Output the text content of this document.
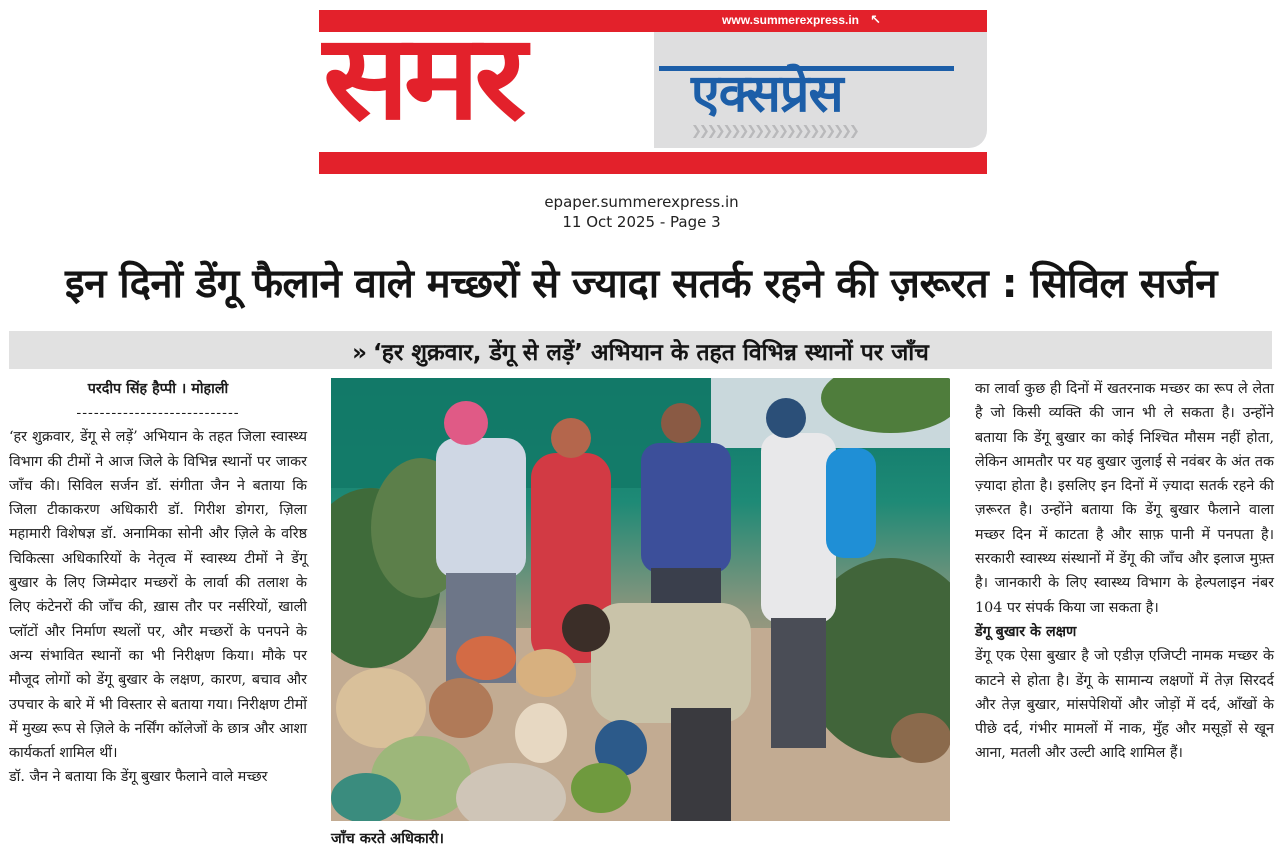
www.summerexpress.in ↖
समर	एक्सप्रेस
❯❯❯❯❯❯❯❯❯❯❯❯❯❯❯❯❯❯❯❯❯
epaper.summerexpress.in
11 Oct 2025 - Page 3
इन दिनों डेंगू फैलाने वाले मच्छरों से ज्यादा सतर्क रहने की ज़रूरत : सिविल सर्जन
» ‘हर शुक्रवार, डेंगू से लड़ें’ अभियान के तहत विभिन्न स्थानों पर जाँच

परदीप सिंह हैप्पी । मोहाली

----------------------------

‘हर शुक्रवार, डेंगू से लड़ें’ अभियान के तहत जिला स्वास्थ्य विभाग की टीमों ने आज जिले के विभिन्न स्थानों पर जाकर जाँच की। सिविल सर्जन डॉ. संगीता जैन ने बताया कि जिला टीकाकरण अधिकारी डॉ. गिरीश डोगरा, ज़िला महामारी विशेषज्ञ डॉ. अनामिका सोनी और ज़िले के वरिष्ठ चिकित्सा अधिकारियों के नेतृत्व में स्वास्थ्य टीमों ने डेंगू बुखार के लिए जिम्मेदार मच्छरों के लार्वा की तलाश के लिए कंटेनरों की जाँच की, ख़ास तौर पर नर्सरियों, खाली प्लॉटों और निर्माण स्थलों पर, और मच्छरों के पनपने के अन्य संभावित स्थानों का भी निरीक्षण किया। मौके पर मौजूद लोगों को डेंगू बुखार के लक्षण, कारण, बचाव और उपचार के बारे में भी विस्तार से बताया गया। निरीक्षण टीमों में मुख्य रूप से ज़िले के नर्सिंग कॉलेजों के छात्र और आशा कार्यकर्ता शामिल थीं।

डॉ. जैन ने बताया कि डेंगू बुखार फैलाने वाले मच्छर

जाँच करते अधिकारी।

का लार्वा कुछ ही दिनों में खतरनाक मच्छर का रूप ले लेता है जो किसी व्यक्ति की जान भी ले सकता है। उन्होंने बताया कि डेंगू बुखार का कोई निश्चित मौसम नहीं होता, लेकिन आमतौर पर यह बुखार जुलाई से नवंबर के अंत तक ज़्यादा होता है। इसलिए इन दिनों में ज़्यादा सतर्क रहने की ज़रूरत है। उन्होंने बताया कि डेंगू बुखार फैलाने वाला मच्छर दिन में काटता है और साफ़ पानी में पनपता है। सरकारी स्वास्थ्य संस्थानों में डेंगू की जाँच और इलाज मुफ़्त है। जानकारी के लिए स्वास्थ्य विभाग के हेल्पलाइन नंबर 104 पर संपर्क किया जा सकता है।

डेंगू बुखार के लक्षण

डेंगू एक ऐसा बुखार है जो एडीज़ एजिप्टी नामक मच्छर के काटने से होता है। डेंगू के सामान्य लक्षणों में तेज़ सिरदर्द और तेज़ बुखार, मांसपेशियों और जोड़ों में दर्द, आँखों के पीछे दर्द, गंभीर मामलों में नाक, मुँह और मसूड़ों से खून आना, मतली और उल्टी आदि शामिल हैं।
